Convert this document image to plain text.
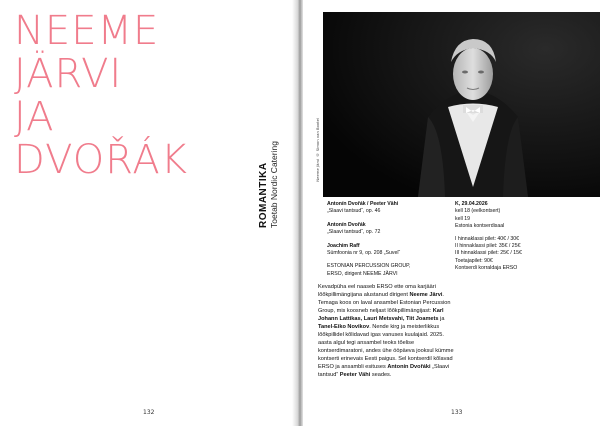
NEEME
JÄRVI
JA
DVOŘÁK
132
ROMANTIKA Toetab Nordic Catering
133
Neeme Järvi © Simon van Boxtel
Antonín Dvořák / Peeter Vähi
„Slaavi tantsud“, op. 46
Antonín Dvořák
„Slaavi tantsud“, op. 72
Joachim Raff
Sümfoonia nr 9, op. 208 „Suvel“
ESTONIAN PERCUSSION GROUP,
ERSO, dirigent NEEME JÄRVI
K, 29.04.2026
kell 18 (eelkontsert)
kell 19
Estonia kontserdisaal
I hinnaklassi pilet: 40€ / 30€
II hinnaklassi pilet: 35€ / 25€
III hinnaklassi pilet: 25€ / 15€
Toetajapilet: 90€
Kontserdi korraldaja ERSO

Kevadpüha eel naaseb ERSO ette oma karjääri lõõkpillimängijana alustanud dirigent Neeme Järvi. Temaga koos on laval ansambel Estonian Percussion Group, mis koosneb neljast lõõkpillimängijast: Karl Johann Lattikas, Lauri Metsvahi, Tiit Joamets ja Tanel-Eiko Novikov. Nende kirg ja meisterlikkus lõõkpillidel kõlidavad igas vanuses kuulajaid. 2025. aasta algul tegi ansambel teoks tõelise kontserdimaratoni, andes ühe ööpäeva jooksul kümme kontserti erinevais Eesti paigus. Sel kontserdil kõlavad ERSO ja ansambli esituses Antonín Dvořáki „Slaavi tantsud“ Peeter Vähi seades.
